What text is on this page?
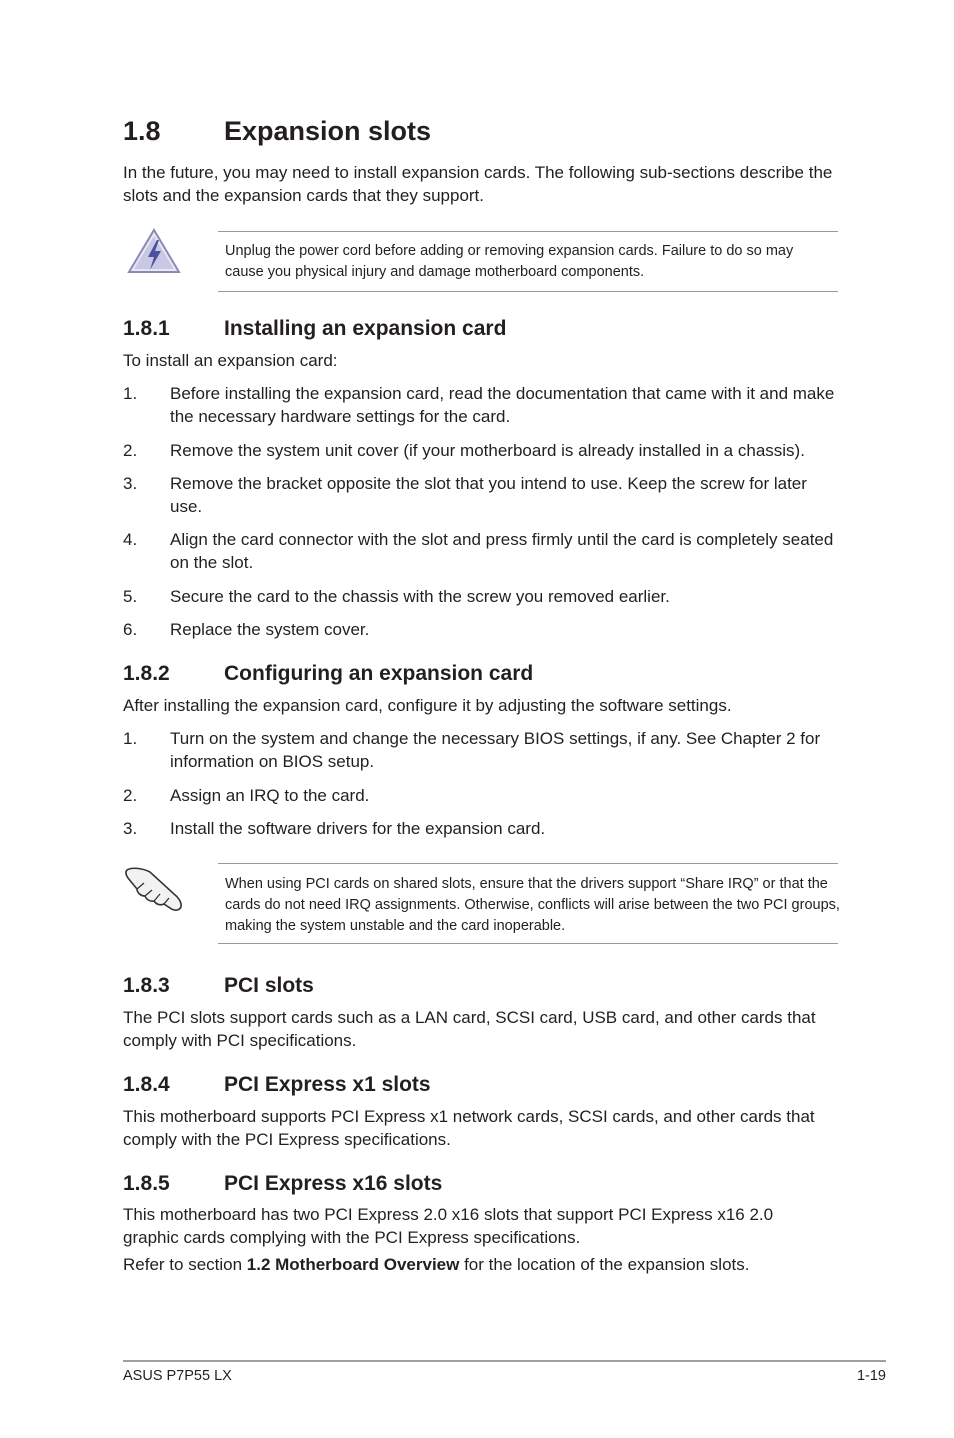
1.8 Expansion slots
In the future, you may need to install expansion cards. The following sub-sections describe the slots and the expansion cards that they support.
Unplug the power cord before adding or removing expansion cards. Failure to do so may cause you physical injury and damage motherboard components.
1.8.1	Installing an expansion card
To install an expansion card:
1. Before installing the expansion card, read the documentation that came with it and make the necessary hardware settings for the card.
2. Remove the system unit cover (if your motherboard is already installed in a chassis).
3. Remove the bracket opposite the slot that you intend to use. Keep the screw for later use.
4. Align the card connector with the slot and press firmly until the card is completely seated on the slot.
5. Secure the card to the chassis with the screw you removed earlier.
6. Replace the system cover.
1.8.2	Configuring an expansion card
After installing the expansion card, configure it by adjusting the software settings.
1. Turn on the system and change the necessary BIOS settings, if any. See Chapter 2 for information on BIOS setup.
2. Assign an IRQ to the card.
3. Install the software drivers for the expansion card.
When using PCI cards on shared slots, ensure that the drivers support “Share IRQ” or that the cards do not need IRQ assignments. Otherwise, conflicts will arise between the two PCI groups, making the system unstable and the card inoperable.
1.8.3	PCI slots
The PCI slots support cards such as a LAN card, SCSI card, USB card, and other cards that comply with PCI specifications.
1.8.4	PCI Express x1 slots
This motherboard supports PCI Express x1 network cards, SCSI cards, and other cards that comply with the PCI Express specifications.
1.8.5	PCI Express x16 slots
This motherboard has two PCI Express 2.0 x16 slots that support PCI Express x16 2.0 graphic cards complying with the PCI Express specifications.
Refer to section 1.2 Motherboard Overview for the location of the expansion slots.
ASUS P7P55 LX	1-19
